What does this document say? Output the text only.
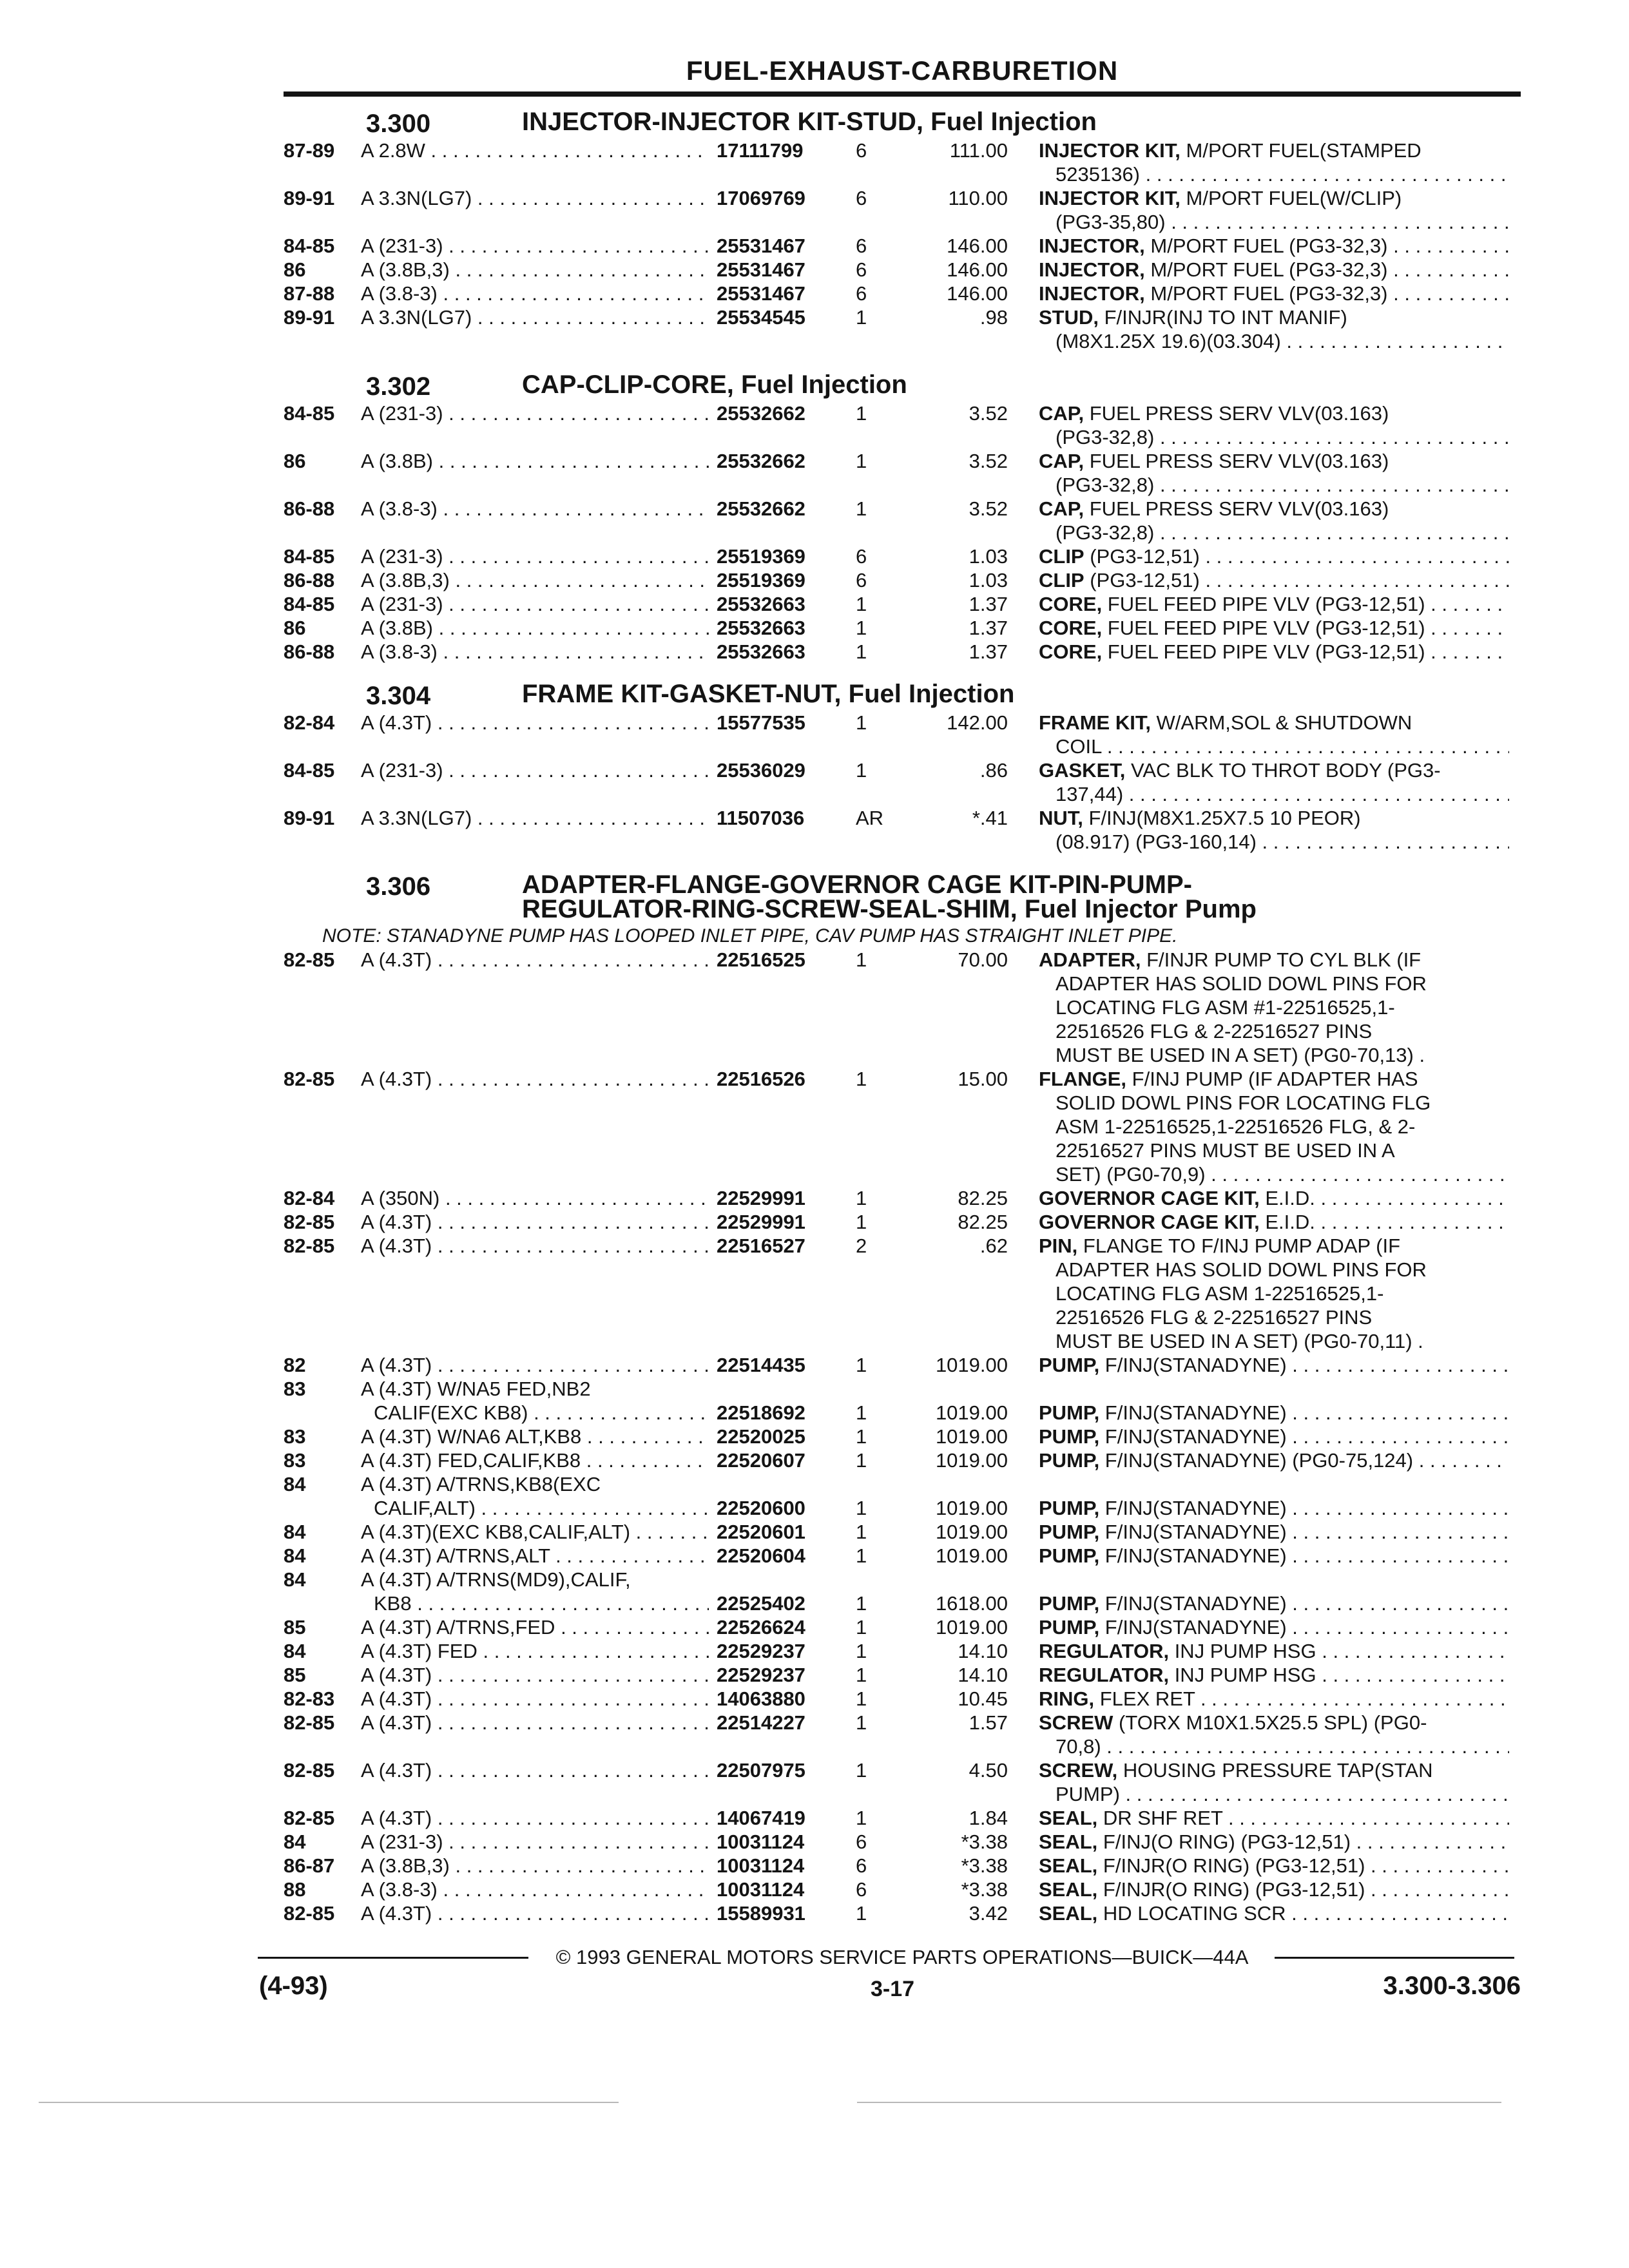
FUEL-EXHAUST-CARBURETION
3.300	INJECTOR-INJECTOR KIT-STUD, Fuel Injection
87-89 A 2.8W . . .	17111799	6	111.00 INJECTOR KIT, M/PORT FUEL(STAMPED
5235136) . . .
89-91 A 3.3N(LG7) . . .	17069769	6	110.00 INJECTOR KIT, M/PORT FUEL(W/CLIP)
(PG3-35,80) . . .
84-85 A (231-3) . . .	25531467	6	146.00 INJECTOR, M/PORT FUEL (PG3-32,3) . . .
86	A (3.8B,3) . . .	25531467	6	146.00 INJECTOR, M/PORT FUEL (PG3-32,3) . . .
87-88 A (3.8-3) . . .	25531467	6	146.00 INJECTOR, M/PORT FUEL (PG3-32,3) . . .
89-91 A 3.3N(LG7) . . .	25534545	1	.98 STUD, F/INJR(INJ TO INT MANIF)
(M8X1.25X 19.6)(03.304) . . .
3.302	CAP-CLIP-CORE, Fuel Injection
84-85 A (231-3) . . .	25532662	1	3.52 CAP, FUEL PRESS SERV VLV(03.163)
(PG3-32,8) . . .
86	A (3.8B) . . .	25532662	1	3.52 CAP, FUEL PRESS SERV VLV(03.163)
(PG3-32,8) . . .
86-88 A (3.8-3) . . .	25532662	1	3.52 CAP, FUEL PRESS SERV VLV(03.163)
(PG3-32,8) . . .
84-85 A (231-3) . . .	25519369	6	1.03 CLIP (PG3-12,51) . . .
86-88 A (3.8B,3) . . .	25519369	6	1.03 CLIP (PG3-12,51) . . .
84-85 A (231-3) . . .	25532663	1	1.37 CORE, FUEL FEED PIPE VLV (PG3-12,51) . . .
86	A (3.8B) . . .	25532663	1	1.37 CORE, FUEL FEED PIPE VLV (PG3-12,51) . . .
86-88 A (3.8-3) . . .	25532663	1	1.37 CORE, FUEL FEED PIPE VLV (PG3-12,51) . . .
3.304	FRAME KIT-GASKET-NUT, Fuel Injection
82-84 A (4.3T) . . .	15577535	1	142.00 FRAME KIT, W/ARM,SOL & SHUTDOWN
COIL . . .
84-85 A (231-3) . . .	25536029	1	.86 GASKET, VAC BLK TO THROT BODY (PG3-
137,44) . . .
89-91 A 3.3N(LG7) . . .	11507036	AR	*.41 NUT, F/INJ(M8X1.25X7.5 10 PEOR)
(08.917) (PG3-160,14) . . .
3.306	ADAPTER-FLANGE-GOVERNOR CAGE KIT-PIN-PUMP-
REGULATOR-RING-SCREW-SEAL-SHIM, Fuel Injector Pump
NOTE: STANADYNE PUMP HAS LOOPED INLET PIPE, CAV PUMP HAS STRAIGHT INLET PIPE.
82-85 A (4.3T) . . .	22516525	1	70.00 ADAPTER, F/INJR PUMP TO CYL BLK (IF
ADAPTER HAS SOLID DOWL PINS FOR
LOCATING FLG ASM #1-22516525,1-
22516526 FLG & 2-22516527 PINS
MUST BE USED IN A SET) (PG0-70,13) .
82-85 A (4.3T) . . .	22516526	1	15.00 FLANGE, F/INJ PUMP (IF ADAPTER HAS
SOLID DOWL PINS FOR LOCATING FLG
ASM 1-22516525,1-22516526 FLG, & 2-
22516527 PINS MUST BE USED IN A
SET) (PG0-70,9) . . .
82-84 A (350N) . . .	22529991	1	82.25 GOVERNOR CAGE KIT, E.I.D. . . .
82-85 A (4.3T) . . .	22529991	1	82.25 GOVERNOR CAGE KIT, E.I.D. . . .
82-85 A (4.3T) . . .	22516527	2	.62 PIN, FLANGE TO F/INJ PUMP ADAP (IF
ADAPTER HAS SOLID DOWL PINS FOR
LOCATING FLG ASM 1-22516525,1-
22516526 FLG & 2-22516527 PINS
MUST BE USED IN A SET) (PG0-70,11) .
82	A (4.3T) . . .	22514435	1	1019.00 PUMP, F/INJ(STANADYNE) . . .
83	A (4.3T) W/NA5 FED,NB2
CALIF(EXC KB8) . . .	22518692	1	1019.00 PUMP, F/INJ(STANADYNE) . . .
83	A (4.3T) W/NA6 ALT,KB8 . . .	22520025	1	1019.00 PUMP, F/INJ(STANADYNE) . . .
83	A (4.3T) FED,CALIF,KB8 . . .	22520607	1	1019.00 PUMP, F/INJ(STANADYNE) (PG0-75,124) . . .
84	A (4.3T) A/TRNS,KB8(EXC
CALIF,ALT) . . .	22520600	1	1019.00 PUMP, F/INJ(STANADYNE) . . .
84	A (4.3T)(EXC KB8,CALIF,ALT) . . .	22520601	1	1019.00 PUMP, F/INJ(STANADYNE) . . .
84	A (4.3T) A/TRNS,ALT . . .	22520604	1	1019.00 PUMP, F/INJ(STANADYNE) . . .
84	A (4.3T) A/TRNS(MD9),CALIF,
KB8 . . .	22525402	1	1618.00 PUMP, F/INJ(STANADYNE) . . .
85	A (4.3T) A/TRNS,FED . . .	22526624	1	1019.00 PUMP, F/INJ(STANADYNE) . . .
84	A (4.3T) FED . . .	22529237	1	14.10 REGULATOR, INJ PUMP HSG . . .
85	A (4.3T) . . .	22529237	1	14.10 REGULATOR, INJ PUMP HSG . . .
82-83 A (4.3T) . . .	14063880	1	10.45 RING, FLEX RET . . .
82-85 A (4.3T) . . .	22514227	1	1.57 SCREW (TORX M10X1.5X25.5 SPL) (PG0-
70,8) . . .
82-85 A (4.3T) . . .	22507975	1	4.50 SCREW, HOUSING PRESSURE TAP(STAN
PUMP) . . .
82-85 A (4.3T) . . .	14067419	1	1.84 SEAL, DR SHF RET . . .
84	A (231-3) . . .	10031124	6	*3.38 SEAL, F/INJ(O RING) (PG3-12,51) . . .
86-87 A (3.8B,3) . . .	10031124	6	*3.38 SEAL, F/INJR(O RING) (PG3-12,51) . . .
88	A (3.8-3) . . .	10031124	6	*3.38 SEAL, F/INJR(O RING) (PG3-12,51) . . .
82-85 A (4.3T) . . .	15589931	1	3.42 SEAL, HD LOCATING SCR . . .
© 1993 GENERAL MOTORS SERVICE PARTS OPERATIONS—BUICK—44A
(4-93)	3-17	3.300-3.306
